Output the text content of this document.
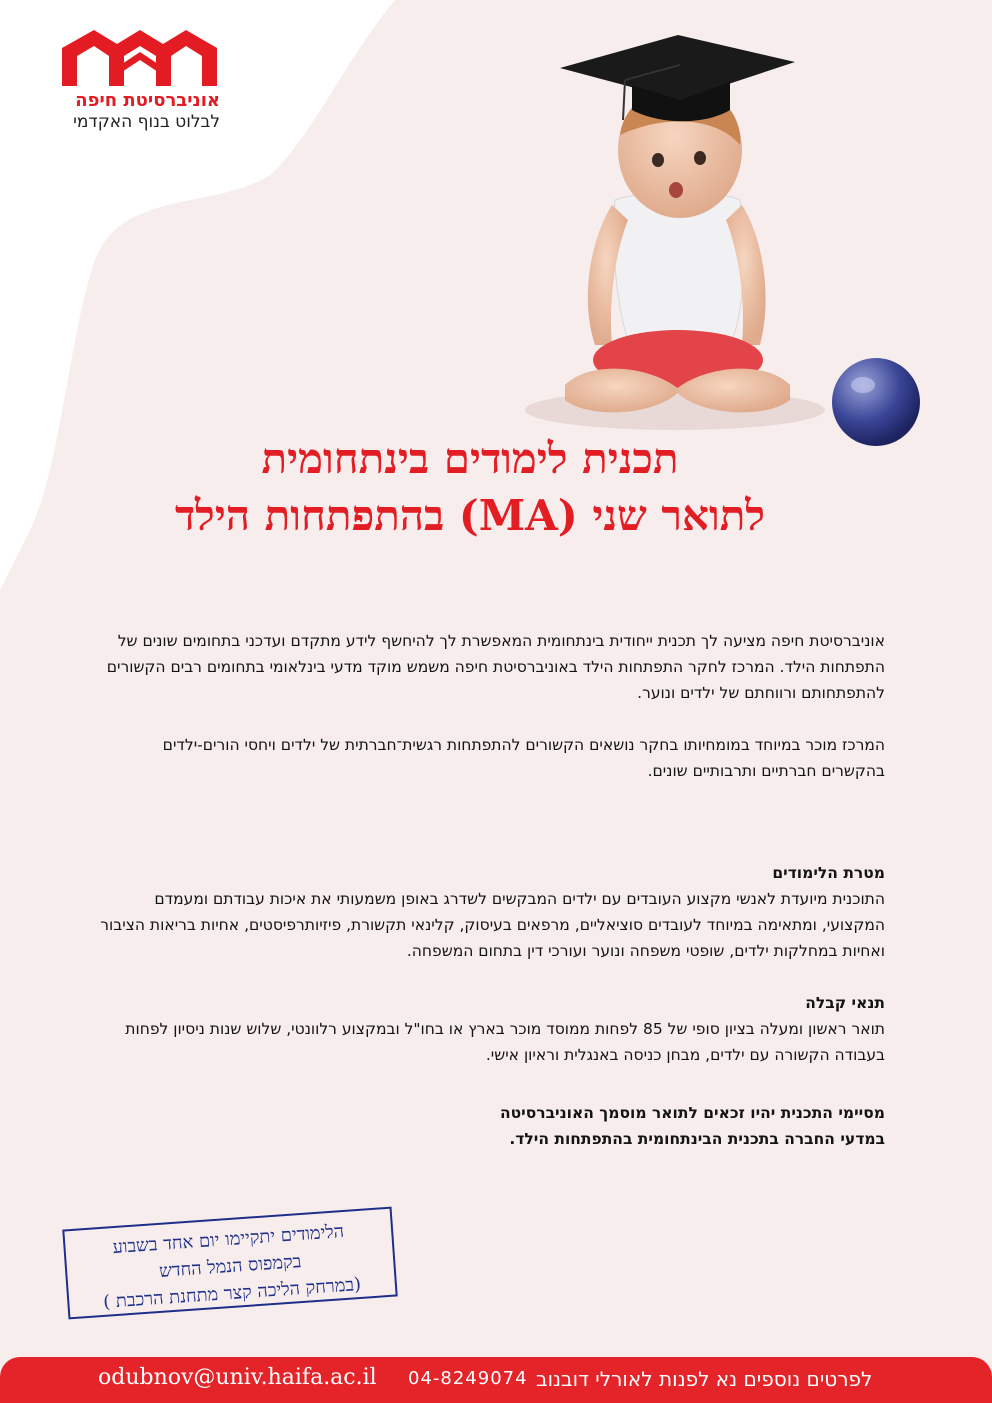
אוניברסיטת חיפה
לבלוט בנוף האקדמי
תכנית לימודים בינתחומית
לתואר שני (MA) בהתפתחות הילד
אוניברסיטת חיפה מציעה לך תכנית ייחודית בינתחומית המאפשרת לך להיחשף לידע מתקדם ועדכני בתחומים שונים של התפתחות הילד. המרכז לחקר התפתחות הילד באוניברסיטת חיפה משמש מוקד מדעי בינלאומי בתחומים רבים הקשורים להתפתחותם ורווחתם של ילדים ונוער.
המרכז מוכר במיוחד במומחיותו בחקר נושאים הקשורים להתפתחות רגשית־חברתית של ילדים ויחסי הורים-ילדים בהקשרים חברתיים ותרבותיים שונים.
מטרת הלימודים
התוכנית מיועדת לאנשי מקצוע העובדים עם ילדים המבקשים לשדרג באופן משמעותי את איכות עבודתם ומעמדם המקצועי, ומתאימה במיוחד לעובדים סוציאליים, מרפאים בעיסוק, קלינאי תקשורת, פיזיותרפיסטים, אחיות בריאות הציבור ואחיות במחלקות ילדים, שופטי משפחה ונוער ועורכי דין בתחום המשפחה.
תנאי קבלה
תואר ראשון ומעלה בציון סופי של 85 לפחות ממוסד מוכר בארץ או בחו"ל ובמקצוע רלוונטי, שלוש שנות ניסיון לפחות בעבודה הקשורה עם ילדים, מבחן כניסה באנגלית וראיון אישי.
מסיימי התכנית יהיו זכאים לתואר מוסמך האוניברסיטה
במדעי החברה בתכנית הבינתחומית בהתפתחות הילד.
הלימודים יתקיימו יום אחד בשבוע
בקמפוס הנמל החדש
(במרחק הליכה קצר מתחנת הרכבת )
odubnov@univ.haifa.ac.il 04-8249074 לפרטים נוספים נא לפנות לאורלי דובנוב
